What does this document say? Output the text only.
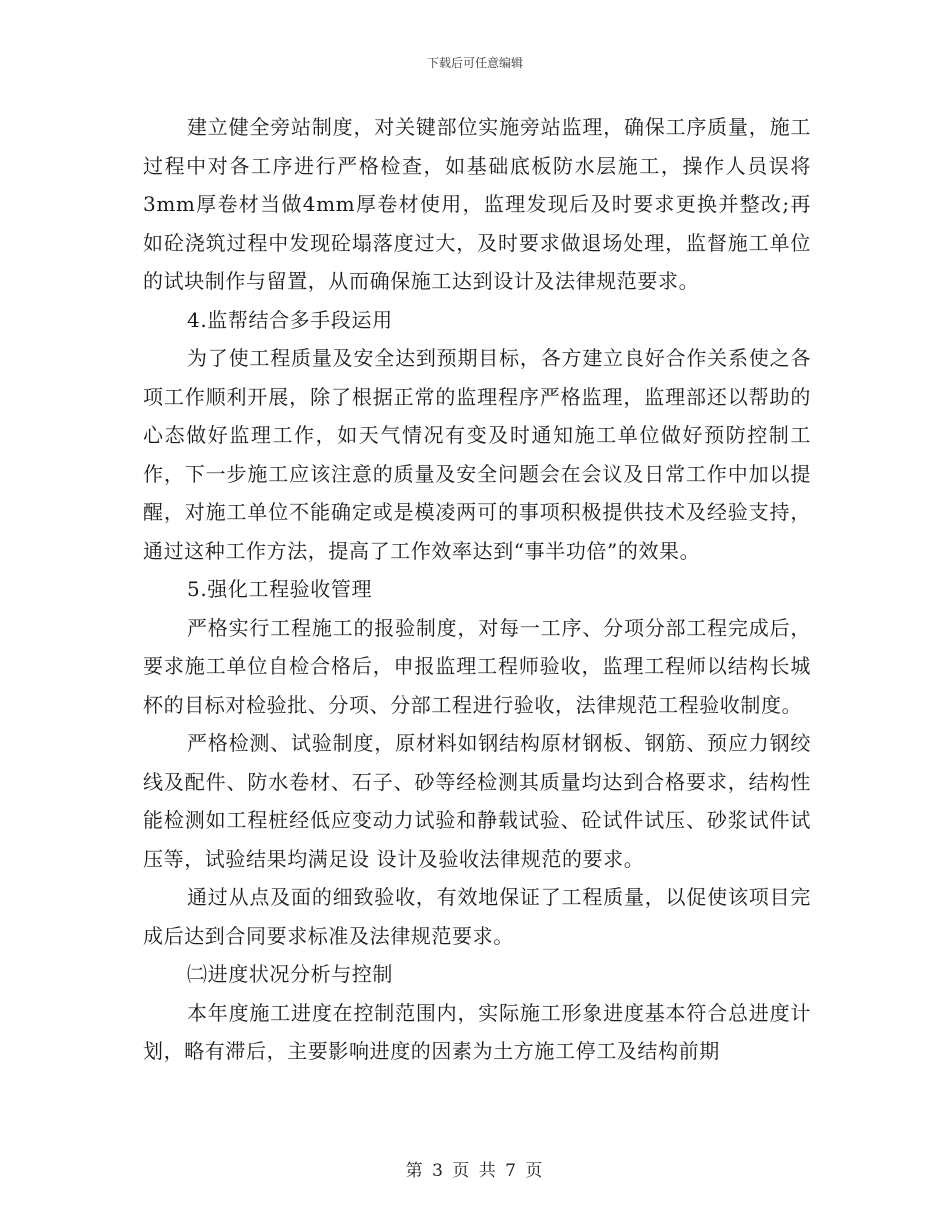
下载后可任意编辑

建立健全旁站制度，对关键部位实施旁站监理，确保工序质量，施工过程中对各工序进行严格检查，如基础底板防水层施工，操作人员误将3mm厚卷材当做4mm厚卷材使用，监理发现后及时要求更换并整改;再如砼浇筑过程中发现砼塌落度过大，及时要求做退场处理，监督施工单位的试块制作与留置，从而确保施工达到设计及法律规范要求。

4.监帮结合多手段运用

为了使工程质量及安全达到预期目标，各方建立良好合作关系使之各项工作顺利开展，除了根据正常的监理程序严格监理，监理部还以帮助的心态做好监理工作，如天气情况有变及时通知施工单位做好预防控制工作，下一步施工应该注意的质量及安全问题会在会议及日常工作中加以提醒，对施工单位不能确定或是模凌两可的事项积极提供技术及经验支持，通过这种工作方法，提高了工作效率达到“事半功倍”的效果。

5.强化工程验收管理

严格实行工程施工的报验制度，对每一工序、分项分部工程完成后，要求施工单位自检合格后，申报监理工程师验收，监理工程师以结构长城杯的目标对检验批、分项、分部工程进行验收，法律规范工程验收制度。

严格检测、试验制度，原材料如钢结构原材钢板、钢筋、预应力钢绞线及配件、防水卷材、石子、砂等经检测其质量均达到合格要求，结构性能检测如工程桩经低应变动力试验和静载试验、砼试件试压、砂浆试件试压等，试验结果均满足设 设计及验收法律规范的要求。

通过从点及面的细致验收，有效地保证了工程质量，以促使该项目完成后达到合同要求标准及法律规范要求。

㈡进度状况分析与控制

本年度施工进度在控制范围内，实际施工形象进度基本符合总进度计划，略有滞后，主要影响进度的因素为土方施工停工及结构前期

第 3 页 共 7 页
